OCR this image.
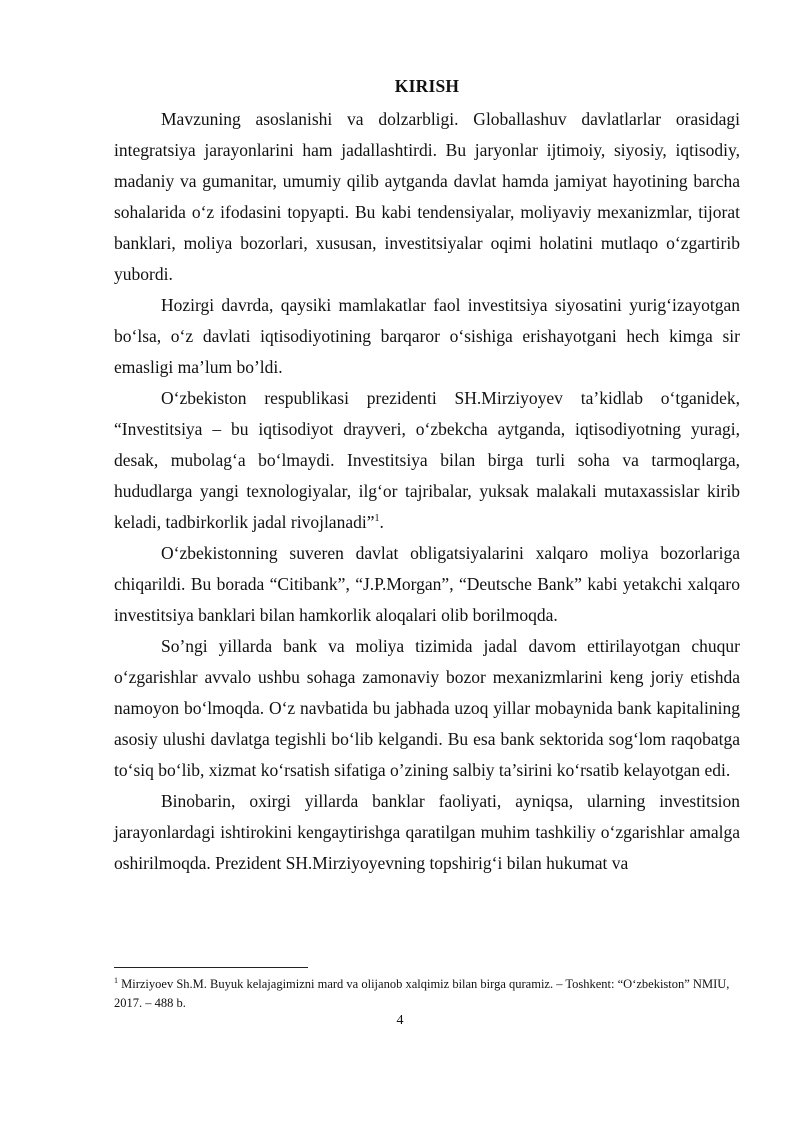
KIRISH

Mavzuning asoslanishi va dolzarbligi. Globallashuv davlatlarlar orasidagi integratsiya jarayonlarini ham jadallashtirdi. Bu jaryonlar ijtimoiy, siyosiy, iqtisodiy, madaniy va gumanitar, umumiy qilib aytganda davlat hamda jamiyat hayotining barcha sohalarida o‘z ifodasini topyapti. Bu kabi tendensiyalar, moliyaviy mexanizmlar, tijorat banklari, moliya bozorlari, xususan, investitsiyalar oqimi holatini mutlaqo o‘zgartirib yubordi.

Hozirgi davrda, qaysiki mamlakatlar faol investitsiya siyosatini yurig‘izayotgan bo‘lsa, o‘z davlati iqtisodiyotining barqaror o‘sishiga erishayotgani hech kimga sir emasligi ma’lum bo’ldi.

O‘zbekiston respublikasi prezidenti SH.Mirziyoyev ta’kidlab o‘tganidek, “Investitsiya – bu iqtisodiyot drayveri, o‘zbekcha aytganda, iqtisodiyotning yuragi, desak, mubolag‘a bo‘lmaydi. Investitsiya bilan birga turli soha va tarmoqlarga, hududlarga yangi texnologiyalar, ilg‘or tajribalar, yuksak malakali mutaxassislar kirib keladi, tadbirkorlik jadal rivojlanadi”$^1$.

O‘zbekistonning suveren davlat obligatsiyalarini xalqaro moliya bozorlariga chiqarildi. Bu borada “Citibank”, “J.P.Morgan”, “Deutsche Bank” kabi yetakchi xalqaro investitsiya banklari bilan hamkorlik aloqalari olib borilmoqda.

So’ngi yillarda bank va moliya tizimida jadal davom ettirilayotgan chuqur o‘zgarishlar avvalo ushbu sohaga zamonaviy bozor mexanizmlarini keng joriy etishda namoyon bo‘lmoqda. O‘z navbatida bu jabhada uzoq yillar mobaynida bank kapitalining asosiy ulushi davlatga tegishli bo‘lib kelgandi. Bu esa bank sektorida sog‘lom raqobatga to‘siq bo‘lib, xizmat ko‘rsatish sifatiga o’zining salbiy ta’sirini ko‘rsatib kelayotgan edi.

Binobarin, oxirgi yillarda banklar faoliyati, ayniqsa, ularning investitsion jarayonlardagi ishtirokini kengaytirishga qaratilgan muhim tashkiliy o‘zgarishlar amalga oshirilmoqda. Prezident SH.Mirziyoyevning topshirig‘i bilan hukumat va

$^1$ Mirziyoev Sh.M. Buyuk kelajagimizni mard va olijanob xalqimiz bilan birga quramiz. – Toshkent: “O‘zbekiston” NMIU, 2017. – 488 b.
4
